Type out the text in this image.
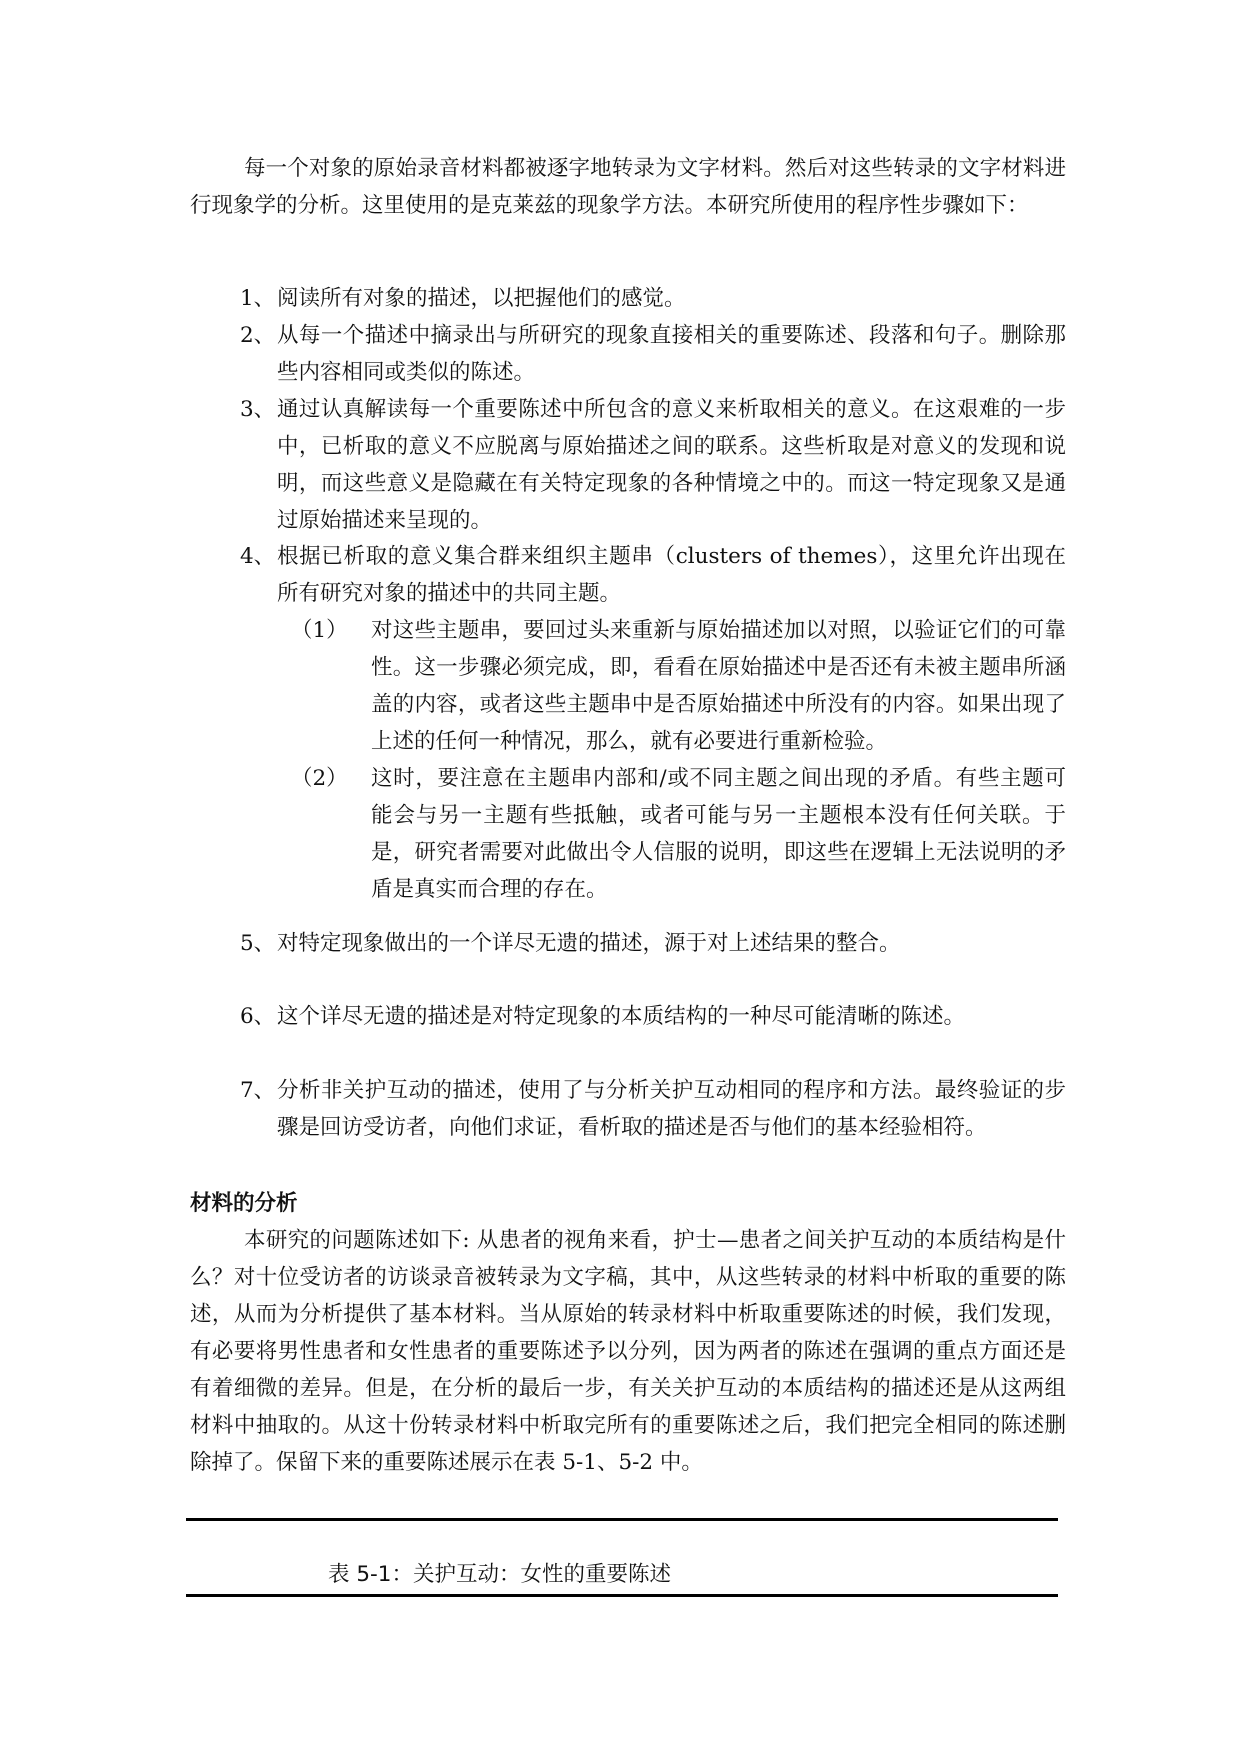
每一个对象的原始录音材料都被逐字地转录为文字材料。然后对这些转录的文字材料进行现象学的分析。这里使用的是克莱兹的现象学方法。本研究所使用的程序性步骤如下：

1、 阅读所有对象的描述，以把握他们的感觉。
2、 从每一个描述中摘录出与所研究的现象直接相关的重要陈述、段落和句子。删除那些内容相同或类似的陈述。
3、 通过认真解读每一个重要陈述中所包含的意义来析取相关的意义。在这艰难的一步中，已析取的意义不应脱离与原始描述之间的联系。这些析取是对意义的发现和说明，而这些意义是隐藏在有关特定现象的各种情境之中的。而这一特定现象又是通过原始描述来呈现的。
4、 根据已析取的意义集合群来组织主题串（clusters of themes），这里允许出现在所有研究对象的描述中的共同主题。
（1） 对这些主题串，要回过头来重新与原始描述加以对照，以验证它们的可靠性。这一步骤必须完成，即，看看在原始描述中是否还有未被主题串所涵盖的内容，或者这些主题串中是否原始描述中所没有的内容。如果出现了上述的任何一种情况，那么，就有必要进行重新检验。
（2） 这时，要注意在主题串内部和/或不同主题之间出现的矛盾。有些主题可能会与另一主题有些抵触，或者可能与另一主题根本没有任何关联。于是，研究者需要对此做出令人信服的说明，即这些在逻辑上无法说明的矛盾是真实而合理的存在。
5、 对特定现象做出的一个详尽无遗的描述，源于对上述结果的整合。
6、 这个详尽无遗的描述是对特定现象的本质结构的一种尽可能清晰的陈述。
7、 分析非关护互动的描述，使用了与分析关护互动相同的程序和方法。最终验证的步骤是回访受访者，向他们求证，看析取的描述是否与他们的基本经验相符。
材料的分析

本研究的问题陈述如下: 从患者的视角来看，护士—患者之间关护互动的本质结构是什么？对十位受访者的访谈录音被转录为文字稿，其中，从这些转录的材料中析取的重要的陈述，从而为分析提供了基本材料。当从原始的转录材料中析取重要陈述的时候，我们发现，有必要将男性患者和女性患者的重要陈述予以分列，因为两者的陈述在强调的重点方面还是有着细微的差异。但是，在分析的最后一步，有关关护互动的本质结构的描述还是从这两组材料中抽取的。从这十份转录材料中析取完所有的重要陈述之后，我们把完全相同的陈述删除掉了。保留下来的重要陈述展示在表 5-1、5-2 中。

表 5-1：关护互动：女性的重要陈述
